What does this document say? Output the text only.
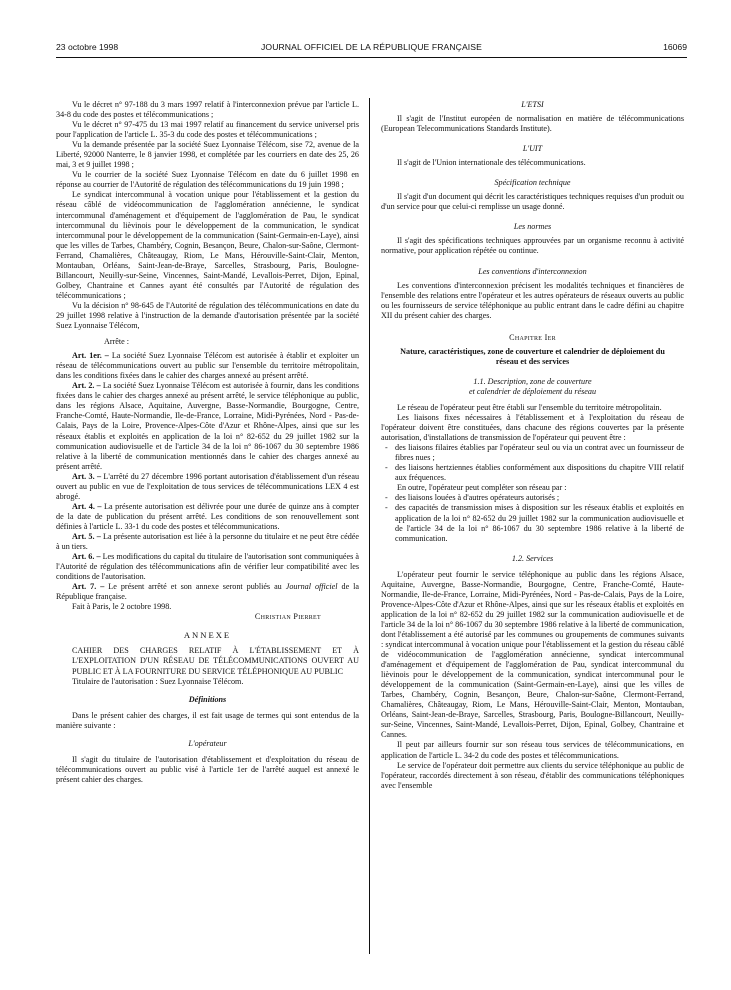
23 octobre 1998	JOURNAL OFFICIEL DE LA RÉPUBLIQUE FRANÇAISE	16069

Vu le décret n° 97-188 du 3 mars 1997 relatif à l'interconnexion prévue par l'article L. 34-8 du code des postes et télécommunications ;

Vu le décret n° 97-475 du 13 mai 1997 relatif au financement du service universel pris pour l'application de l'article L. 35-3 du code des postes et télécommunications ;

Vu la demande présentée par la société Suez Lyonnaise Télécom, sise 72, avenue de la Liberté, 92000 Nanterre, le 8 janvier 1998, et complétée par les courriers en date des 25, 26 mai, 3 et 9 juillet 1998 ;

Vu le courrier de la société Suez Lyonnaise Télécom en date du 6 juillet 1998 en réponse au courrier de l'Autorité de régulation des télécommunications du 19 juin 1998 ;

Le syndicat intercommunal à vocation unique pour l'établissement et la gestion du réseau câblé de vidéocommunication de l'agglomération annécienne, le syndicat intercommunal d'aménagement et d'équipement de l'agglomération de Pau, le syndicat intercommunal du lièvinois pour le développement de la communication, le syndicat intercommunal pour le développement de la communication (Saint-Germain-en-Laye), ainsi que les villes de Tarbes, Chambéry, Cognin, Besançon, Beure, Chalon-sur-Saône, Clermont-Ferrand, Chamalières, Châteaugay, Riom, Le Mans, Hérouville-Saint-Clair, Menton, Montauban, Orléans, Saint-Jean-de-Braye, Sarcelles, Strasbourg, Paris, Boulogne-Billancourt, Neuilly-sur-Seine, Vincennes, Saint-Mandé, Levallois-Perret, Dijon, Epinal, Golbey, Chantraine et Cannes ayant été consultés par l'Autorité de régulation des télécommunications ;

Vu la décision n° 98-645 de l'Autorité de régulation des télécommunications en date du 29 juillet 1998 relative à l'instruction de la demande d'autorisation présentée par la société Suez Lyonnaise Télécom,

Arrête :

Art. 1er. – La société Suez Lyonnaise Télécom est autorisée à établir et exploiter un réseau de télécommunications ouvert au public sur l'ensemble du territoire métropolitain, dans les conditions fixées dans le cahier des charges annexé au présent arrêté.

Art. 2. – La société Suez Lyonnaise Télécom est autorisée à fournir, dans les conditions fixées dans le cahier des charges annexé au présent arrêté, le service téléphonique au public, dans les régions Alsace, Aquitaine, Auvergne, Basse-Normandie, Bourgogne, Centre, Franche-Comté, Haute-Normandie, Ile-de-France, Lorraine, Midi-Pyrénées, Nord - Pas-de-Calais, Pays de la Loire, Provence-Alpes-Côte d'Azur et Rhône-Alpes, ainsi que sur les réseaux établis et exploités en application de la loi n° 82-652 du 29 juillet 1982 sur la communication audiovisuelle et de l'article 34 de la loi n° 86-1067 du 30 septembre 1986 relative à la liberté de communication mentionnés dans le cahier des charges annexé au présent arrêté.

Art. 3. – L'arrêté du 27 décembre 1996 portant autorisation d'établissement d'un réseau ouvert au public en vue de l'exploitation de tous services de télécommunications LEX 4 est abrogé.

Art. 4. – La présente autorisation est délivrée pour une durée de quinze ans à compter de la date de publication du présent arrêté. Les conditions de son renouvellement sont définies à l'article L. 33-1 du code des postes et télécommunications.

Art. 5. – La présente autorisation est liée à la personne du titulaire et ne peut être cédée à un tiers.

Art. 6. – Les modifications du capital du titulaire de l'autorisation sont communiquées à l'Autorité de régulation des télécommunications afin de vérifier leur compatibilité avec les conditions de l'autorisation.

Art. 7. – Le présent arrêté et son annexe seront publiés au Journal officiel de la République française.

Fait à Paris, le 2 octobre 1998.

Christian Pierret

ANNEXE

CAHIER DES CHARGES RELATIF À L'ÉTABLISSEMENT ET À L'EXPLOITATION D'UN RÉSEAU DE TÉLÉCOMMUNICATIONS OUVERT AU PUBLIC ET À LA FOURNITURE DU SERVICE TÉLÉPHONIQUE AU PUBLIC

Titulaire de l'autorisation : Suez Lyonnaise Télécom.

Définitions

Dans le présent cahier des charges, il est fait usage de termes qui sont entendus de la manière suivante :

L'opérateur

Il s'agit du titulaire de l'autorisation d'établissement et d'exploitation du réseau de télécommunications ouvert au public visé à l'article 1er de l'arrêté auquel est annexé le présent cahier des charges.

L'ETSI

Il s'agit de l'Institut européen de normalisation en matière de télécommunications (European Telecommunications Standards Institute).

L'UIT

Il s'agit de l'Union internationale des télécommunications.

Spécification technique

Il s'agit d'un document qui décrit les caractéristiques techniques requises d'un produit ou d'un service pour que celui-ci remplisse un usage donné.

Les normes

Il s'agit des spécifications techniques approuvées par un organisme reconnu à activité normative, pour application répétée ou continue.

Les conventions d'interconnexion

Les conventions d'interconnexion précisent les modalités techniques et financières de l'ensemble des relations entre l'opérateur et les autres opérateurs de réseaux ouverts au public ou les fournisseurs de service téléphonique au public entrant dans le cadre défini au chapitre XII du présent cahier des charges.

Chapitre Ier

Nature, caractéristiques, zone de couverture et calendrier de déploiement du réseau et des services

1.1. Description, zone de couverture

et calendrier de déploiement du réseau

Le réseau de l'opérateur peut être établi sur l'ensemble du territoire métropolitain.

Les liaisons fixes nécessaires à l'établissement et à l'exploitation du réseau de l'opérateur doivent être constituées, dans chacune des régions couvertes par la présente autorisation, d'installations de transmission de l'opérateur qui peuvent être :

- des liaisons filaires établies par l'opérateur seul ou via un contrat avec un fournisseur de fibres nues ;
- des liaisons hertziennes établies conformément aux dispositions du chapitre VIII relatif aux fréquences.

En outre, l'opérateur peut compléter son réseau par :

- des liaisons louées à d'autres opérateurs autorisés ;
- des capacités de transmission mises à disposition sur les réseaux établis et exploités en application de la loi n° 82-652 du 29 juillet 1982 sur la communication audiovisuelle et de l'article 34 de la loi n° 86-1067 du 30 septembre 1986 relative à la liberté de communication.

1.2. Services

L'opérateur peut fournir le service téléphonique au public dans les régions Alsace, Aquitaine, Auvergne, Basse-Normandie, Bourgogne, Centre, Franche-Comté, Haute-Normandie, Ile-de-France, Lorraine, Midi-Pyrénées, Nord - Pas-de-Calais, Pays de la Loire, Provence-Alpes-Côte d'Azur et Rhône-Alpes, ainsi que sur les réseaux établis et exploités en application de la loi n° 82-652 du 29 juillet 1982 sur la communication audiovisuelle et de l'article 34 de la loi n° 86-1067 du 30 septembre 1986 relative à la liberté de communication, dont l'établissement a été autorisé par les communes ou groupements de communes suivants : syndicat intercommunal à vocation unique pour l'établissement et la gestion du réseau câblé de vidéocommunication de l'agglomération annécienne, syndicat intercommunal d'aménagement et d'équipement de l'agglomération de Pau, syndicat intercommunal du lièvinois pour le développement de la communication, syndicat intercommunal pour le développement de la communication (Saint-Germain-en-Laye), ainsi que les villes de Tarbes, Chambéry, Cognin, Besançon, Beure, Chalon-sur-Saône, Clermont-Ferrand, Chamalières, Châteaugay, Riom, Le Mans, Hérouville-Saint-Clair, Menton, Montauban, Orléans, Saint-Jean-de-Braye, Sarcelles, Strasbourg, Paris, Boulogne-Billancourt, Neuilly-sur-Seine, Vincennes, Saint-Mandé, Levallois-Perret, Dijon, Epinal, Golbey, Chantraine et Cannes.

Il peut par ailleurs fournir sur son réseau tous services de télécommunications, en application de l'article L. 34-2 du code des postes et télécommunications.

Le service de l'opérateur doit permettre aux clients du service téléphonique au public de l'opérateur, raccordés directement à son réseau, d'établir des communications téléphoniques avec l'ensemble
